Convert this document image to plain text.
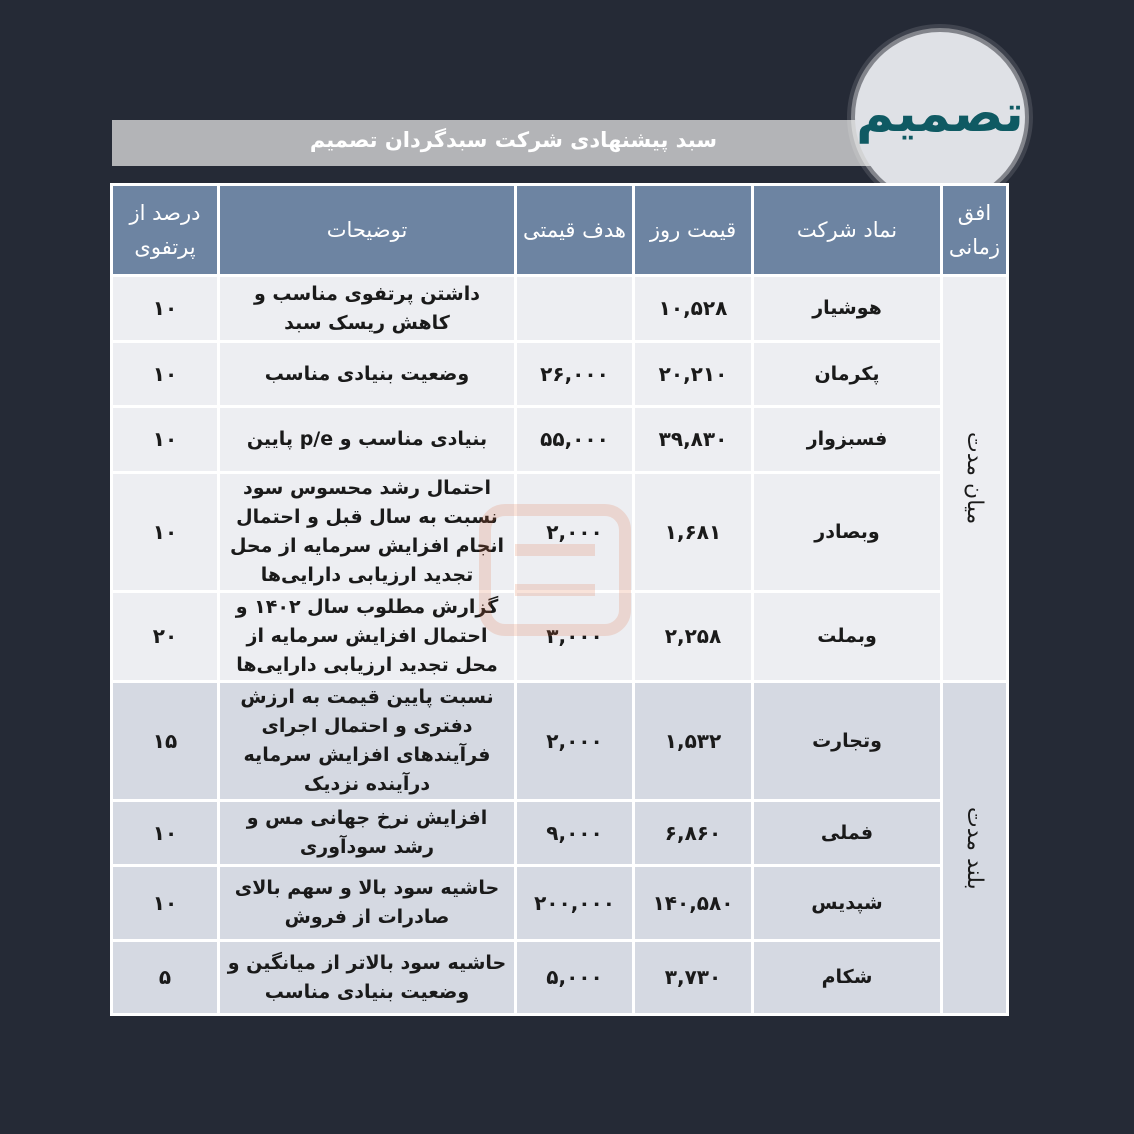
سبد پیشنهادی شرکت سبدگردان تصمیم	تصمیم
افق زمانی	نماد شرکت	قیمت روز	هدف قیمتی	توضیحات	درصد از پرتفوی
میان مدت	هوشیار	۱۰,۵۲۸		داشتن پرتفوی مناسب و کاهش ریسک سبد	۱۰
	پکرمان	۲۰,۲۱۰	۲۶,۰۰۰	وضعیت بنیادی مناسب	۱۰
	فسبزوار	۳۹,۸۳۰	۵۵,۰۰۰	بنیادی مناسب و p/e پایین	۱۰
	وبصادر	۱,۶۸۱	۲,۰۰۰	احتمال رشد محسوس سود نسبت به سال قبل و احتمال انجام افزایش سرمایه از محل تجدید ارزیابی دارایی‌ها	۱۰
	وبملت	۲,۲۵۸	۳,۰۰۰	گزارش مطلوب سال ۱۴۰۲ و احتمال افزایش سرمایه از محل تجدید ارزیابی دارایی‌ها	۲۰
بلند مدت	وتجارت	۱,۵۳۲	۲,۰۰۰	نسبت پایین قیمت به ارزش دفتری و احتمال اجرای فرآیندهای افزایش سرمایه درآینده نزدیک	۱۵
	فملی	۶,۸۶۰	۹,۰۰۰	افزایش نرخ جهانی مس و رشد سودآوری	۱۰
	شپدیس	۱۴۰,۵۸۰	۲۰۰,۰۰۰	حاشیه سود بالا و سهم بالای صادرات از فروش	۱۰
	شکام	۳,۷۳۰	۵,۰۰۰	حاشیه سود بالاتر از میانگین و وضعیت بنیادی مناسب	۵
